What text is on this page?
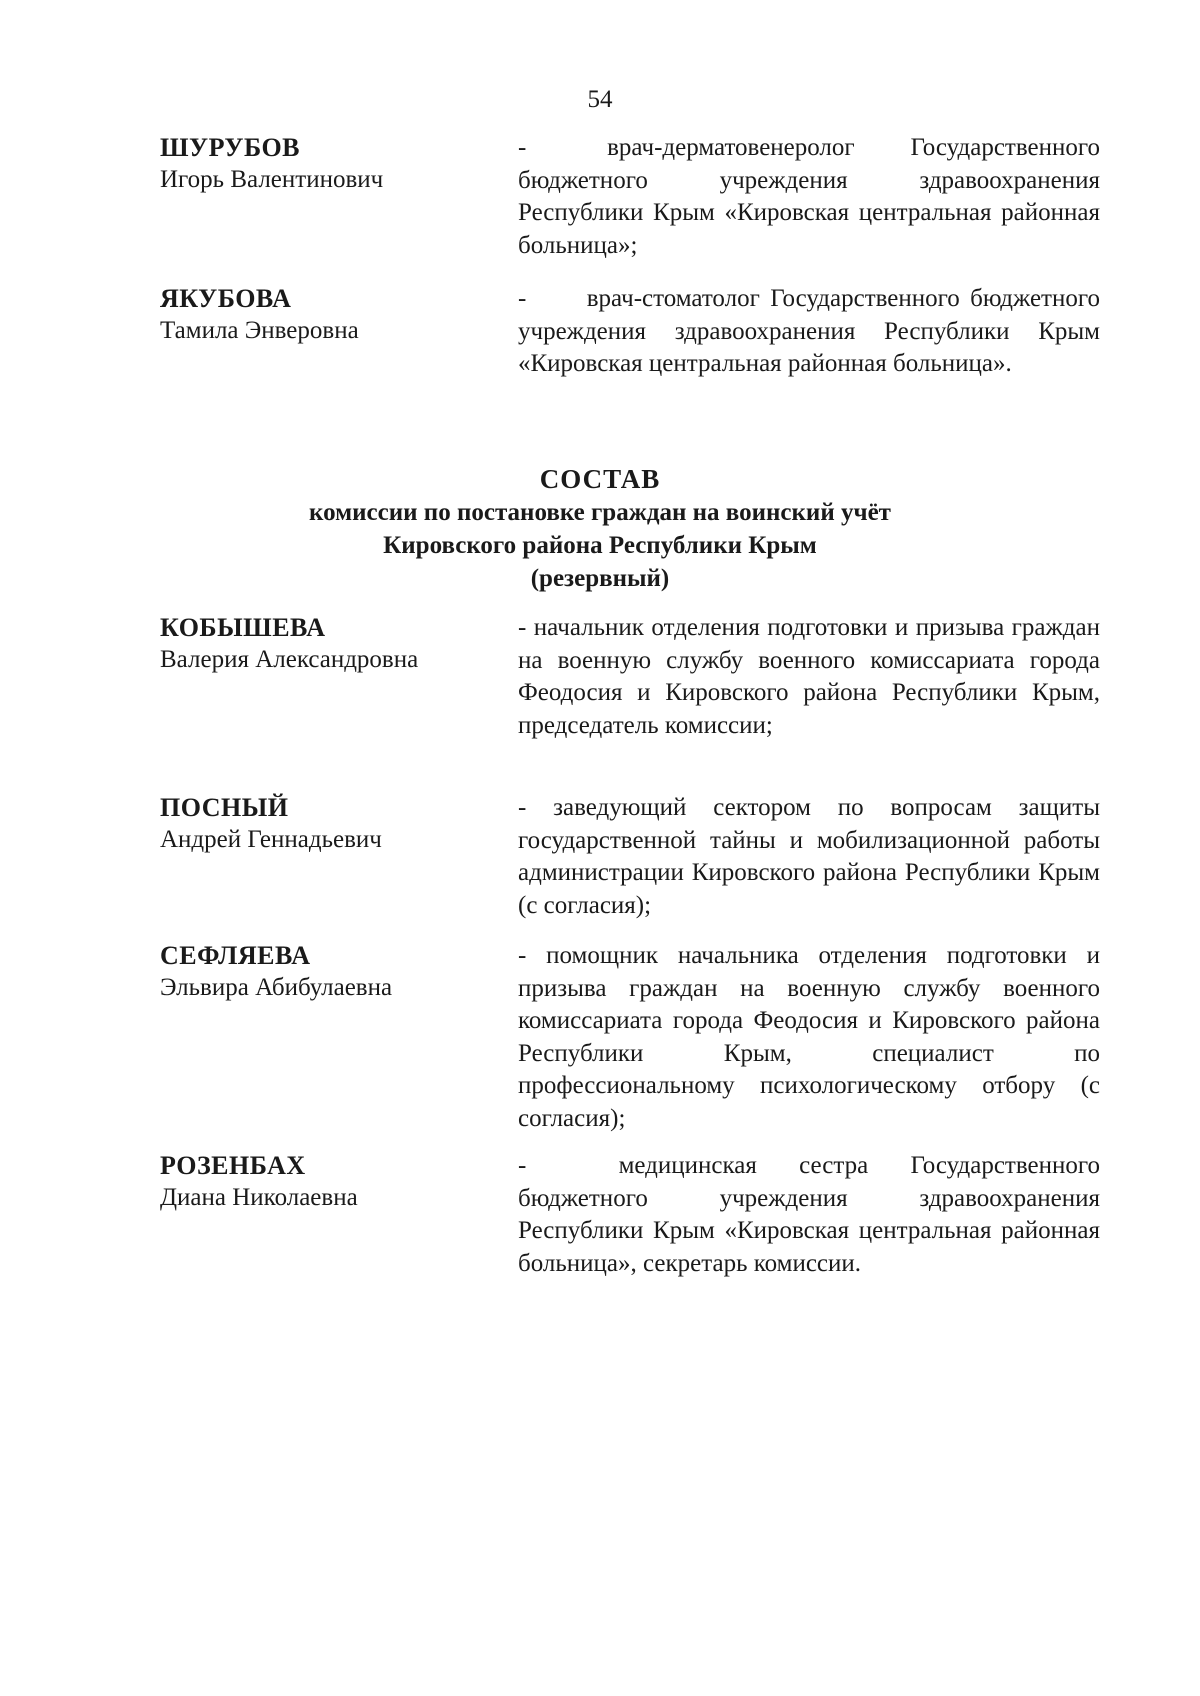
54
ШУРУБОВ
Игорь Валентинович
-  врач-дерматовенеролог Государственного бюджетного учреждения здравоохранения Республики Крым «Кировская центральная районная больница»;
ЯКУБОВА
Тамила Энверовна
-   врач-стоматолог Государственного бюджетного учреждения здравоохранения Республики Крым «Кировская центральная районная больница».
СОСТАВ
комиссии по постановке граждан на воинский учёт
Кировского района Республики Крым
(резервный)
КОБЫШЕВА
Валерия Александровна
- начальник отделения подготовки и призыва граждан на военную службу военного комиссариата города Феодосия и Кировского района Республики Крым, председатель комиссии;
ПОСНЫЙ
Андрей Геннадьевич
- заведующий сектором по вопросам защиты государственной тайны и мобилизационной работы администрации Кировского района Республики Крым (с согласия);
СЕФЛЯЕВА
Эльвира Абибулаевна
- помощник начальника отделения подготовки и призыва граждан на военную службу военного комиссариата города Феодосия и Кировского района Республики Крым, специалист по профессиональному психологическому отбору (с согласия);
РОЗЕНБАХ
Диана Николаевна
-   медицинская сестра Государственного бюджетного учреждения здравоохранения Республики Крым «Кировская центральная районная больница», секретарь комиссии.
